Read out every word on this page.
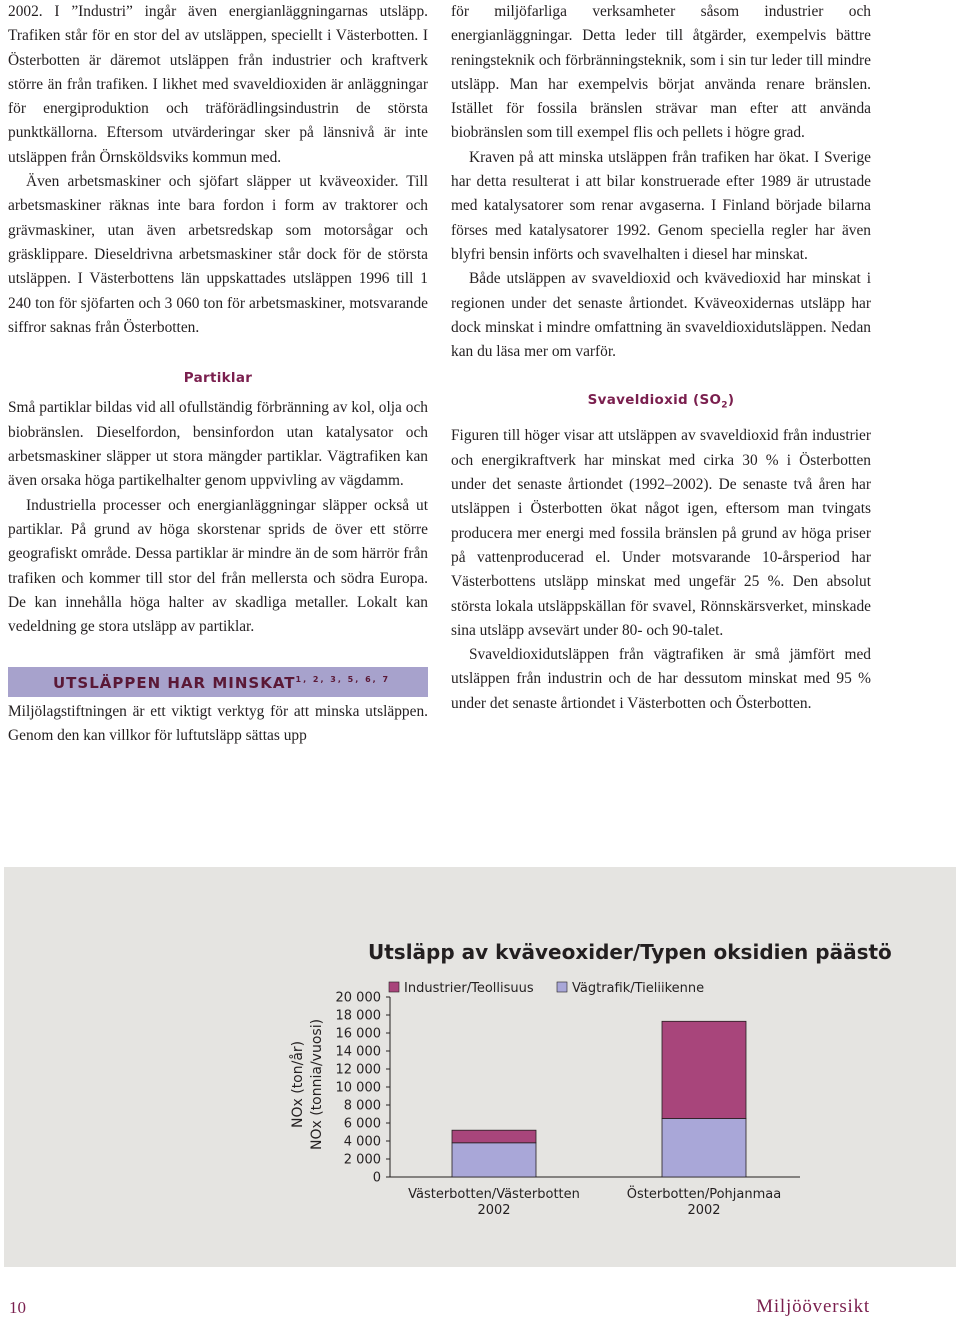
2002. I ”Industri” ingår även energianläggningarnas utsläpp. Trafiken står för en stor del av utsläppen, speciellt i Västerbotten. I Österbotten är däremot utsläppen från industrier och kraftverk större än från trafiken. I likhet med svaveldioxiden är anläggningar för energiproduktion och träförädlingsindustrin de största punktkällorna. Eftersom utvärderingar sker på länsnivå är inte utsläppen från Örnsköldsviks kommun med.

Även arbetsmaskiner och sjöfart släpper ut kväveoxider. Till arbetsmaskiner räknas inte bara fordon i form av traktorer och grävmaskiner, utan även arbetsredskap som motorsågar och gräsklippare. Dieseldrivna arbetsmaskiner står dock för de största utsläppen. I Västerbottens län uppskattades utsläppen 1996 till 1 240 ton för sjöfarten och 3 060 ton för arbetsmaskiner, motsvarande siffror saknas från Österbotten.

Partiklar

Små partiklar bildas vid all ofullständig förbränning av kol, olja och biobränslen. Dieselfordon, bensinfordon utan katalysator och arbetsmaskiner släpper ut stora mängder partiklar. Vägtrafiken kan även orsaka höga partikelhalter genom uppvivling av vägdamm.

Industriella processer och energianläggningar släpper också ut partiklar. På grund av höga skorstenar sprids de över ett större geografiskt område. Dessa partiklar är mindre än de som härrör från trafiken och kommer till stor del från mellersta och södra Europa. De kan innehålla höga halter av skadliga metaller. Lokalt kan vedeldning ge stora utsläpp av partiklar.

UTSLÄPPEN HAR MINSKAT$^{1, 2, 3, 5, 6, 7}$

Miljölagstiftningen är ett viktigt verktyg för att minska utsläppen. Genom den kan villkor för luftutsläpp sättas upp

för miljöfarliga verksamheter såsom industrier och energianläggningar. Detta leder till åtgärder, exempelvis bättre reningsteknik och förbränningsteknik, som i sin tur leder till mindre utsläpp. Man har exempelvis börjat använda renare bränslen. Istället för fossila bränslen strävar man efter att använda biobränslen som till exempel flis och pellets i högre grad.

Kraven på att minska utsläppen från trafiken har ökat. I Sverige har detta resulterat i att bilar konstruerade efter 1989 är utrustade med katalysatorer som renar avgaserna. I Finland började bilarna förses med katalysatorer 1992. Genom speciella regler har även blyfri bensin införts och svavelhalten i diesel har minskat.

Både utsläppen av svaveldioxid och kvävedioxid har minskat i regionen under det senaste årtiondet. Kväveoxidernas utsläpp har dock minskat i mindre omfattning än svaveldioxidutsläppen. Nedan kan du läsa mer om varför.

Svaveldioxid $(SO_2)$

Figuren till höger visar att utsläppen av svaveldioxid från industrier och energikraftverk har minskat med cirka 30 % i Österbotten under det senaste årtiondet (1992–2002). De senaste två åren har utsläppen i Österbotten ökat något igen, eftersom man tvingats producera mer energi med fossila bränslen på grund av höga priser på vattenproducerad el. Under motsvarande 10-årsperiod har Västerbottens utsläpp minskat med ungefär 25 %. Den absolut största lokala utsläppskällan för svavel, Rönnskärsverket, minskade sina utsläpp avsevärt under 80- och 90-talet.

Svaveldioxidutsläppen från vägtrafiken är små jämfört med utsläppen från industrin och de har dessutom minskat med 95 % under det senaste årtiondet i Västerbotten och Österbotten.

Utsläpp av kväveoxider/Typen oksidien päästö
20 000
18 000
16 000
14 000
12 000
10 000
8 000
6 000
4 000
2 000
0
NOx (ton/år) NOx (tonnia/vuosi)
Västerbotten/Västerbotten
2002
Österbotten/Pohjanmaa
2002
Industrier/Teollisuus	Vägtrafik/Tieliikenne
10	Miljööversikt
